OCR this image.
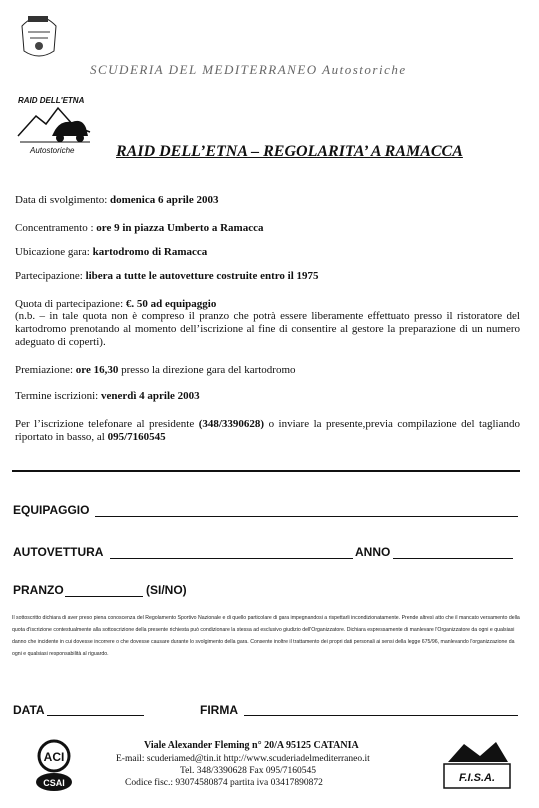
SCUDERIA DEL MEDITERRANEO Autostoriche
RAID DELL'ETNA
Autostoriche	RAID DELL’ETNA – REGOLARITA’ A RAMACCA
Data di svolgimento: domenica 6 aprile 2003
Concentramento : ore 9 in piazza Umberto a Ramacca
Ubicazione gara: kartodromo di Ramacca
Partecipazione: libera a tutte le autovetture costruite entro il 1975
Quota di partecipazione: €. 50 ad equipaggio
(n.b. – in tale quota non è compreso il pranzo che potrà essere liberamente effettuato presso il ristoratore del kartodromo prenotando al momento dell’iscrizione al fine di consentire al gestore la preparazione di un numero adeguato di coperti).
Premiazione: ore 16,30 presso la direzione gara del kartodromo
Termine iscrizioni: venerdì 4 aprile 2003
Per l’iscrizione telefonare al presidente (348/3390628) o inviare la presente,previa compilazione del tagliando riportato in basso, al 095/7160545
EQUIPAGGIO
AUTOVETTURA	ANNO
PRANZO	(SI/NO)
Il sottoscritto dichiara di aver preso piena conoscenza del Regolamento Sportivo Nazionale e di quello particolare di gara impegnandosi a rispettarli incondizionatamente. Prende altresì atto che il mancato versamento della quota d'iscrizione contestualmente alla sottoscrizione della presente richiesta può condizionare la stessa ad esclusivo giudizio dell'Organizzatore. Dichiara espressamente di manlevare l'Organizzatore da ogni e qualsiasi danno che incidente in cui dovesse incorrere o che dovesse causare durante lo svolgimento della gara. Consente inoltre il trattamento dei propri dati personali ai sensi della legge 675/96, manlevando l'organizzazione da ogni e qualsiasi responsabilità al riguardo.
DATA	FIRMA
ACI
CSAI
Viale Alexander Fleming n° 20/A 95125 CATANIA
E-mail: scuderiamed@tin.it http://www.scuderiadelmediterraneo.it
Tel. 348/3390628 Fax 095/7160545
Codice fisc.: 93074580874 partita iva 03417890872	F.I.S.A.
